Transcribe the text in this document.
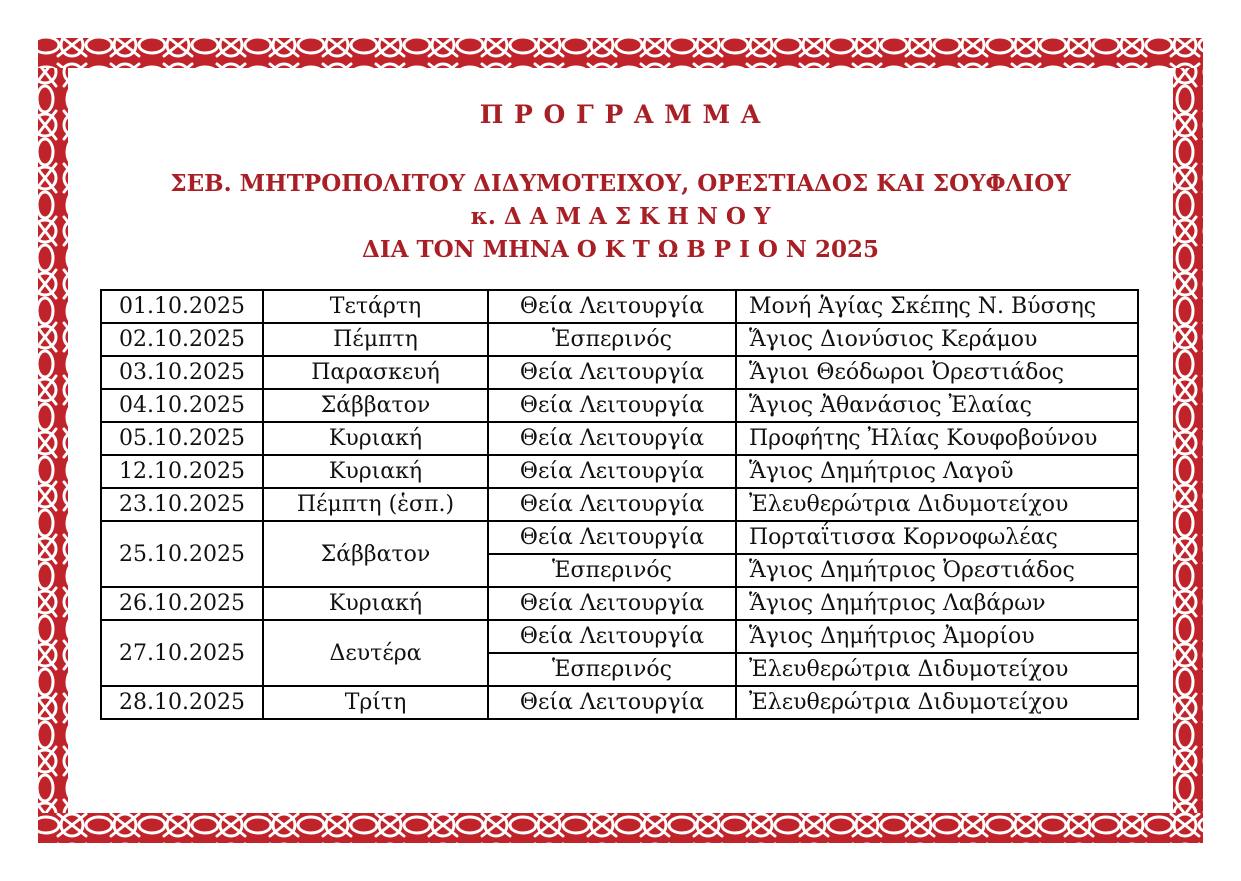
Π Ρ Ο Γ Ρ Α Μ Μ Α

ΣΕΒ. ΜΗΤΡΟΠΟΛΙΤΟΥ ΔΙΔΥΜΟΤΕΙΧΟΥ, ΟΡΕΣΤΙΑΔΟΣ ΚΑΙ ΣΟΥΦΛΙΟΥ

κ. Δ Α Μ Α Σ Κ Η Ν Ο Υ

ΔΙΑ ΤΟΝ ΜΗΝΑ Ο Κ Τ Ω Β Ρ Ι Ο Ν 2025

01.10.2025	Τετάρτη	Θεία Λειτουργία	Μονή Ἁγίας Σκέπης Ν. Βύσσης
02.10.2025	Πέμπτη	Ἑσπερινός	Ἅγιος Διονύσιος Κεράμου
03.10.2025	Παρασκευή	Θεία Λειτουργία	Ἅγιοι Θεόδωροι Ὀρεστιάδος
04.10.2025	Σάββατον	Θεία Λειτουργία	Ἅγιος Ἀθανάσιος Ἐλαίας
05.10.2025	Κυριακή	Θεία Λειτουργία	Προφήτης Ἠλίας Κουφοβούνου
12.10.2025	Κυριακή	Θεία Λειτουργία	Ἅγιος Δημήτριος Λαγοῦ
23.10.2025	Πέμπτη (ἑσπ.)	Θεία Λειτουργία	Ἐλευθερώτρια Διδυμοτείχου
25.10.2025	Σάββατον	Θεία Λειτουργία	Πορταΐτισσα Κορνοφωλέας
		Ἑσπερινός	Ἅγιος Δημήτριος Ὀρεστιάδος
26.10.2025	Κυριακή	Θεία Λειτουργία	Ἅγιος Δημήτριος Λαβάρων
27.10.2025	Δευτέρα	Θεία Λειτουργία	Ἅγιος Δημήτριος Ἀμορίου
		Ἑσπερινός	Ἐλευθερώτρια Διδυμοτείχου
28.10.2025	Τρίτη	Θεία Λειτουργία	Ἐλευθερώτρια Διδυμοτείχου
